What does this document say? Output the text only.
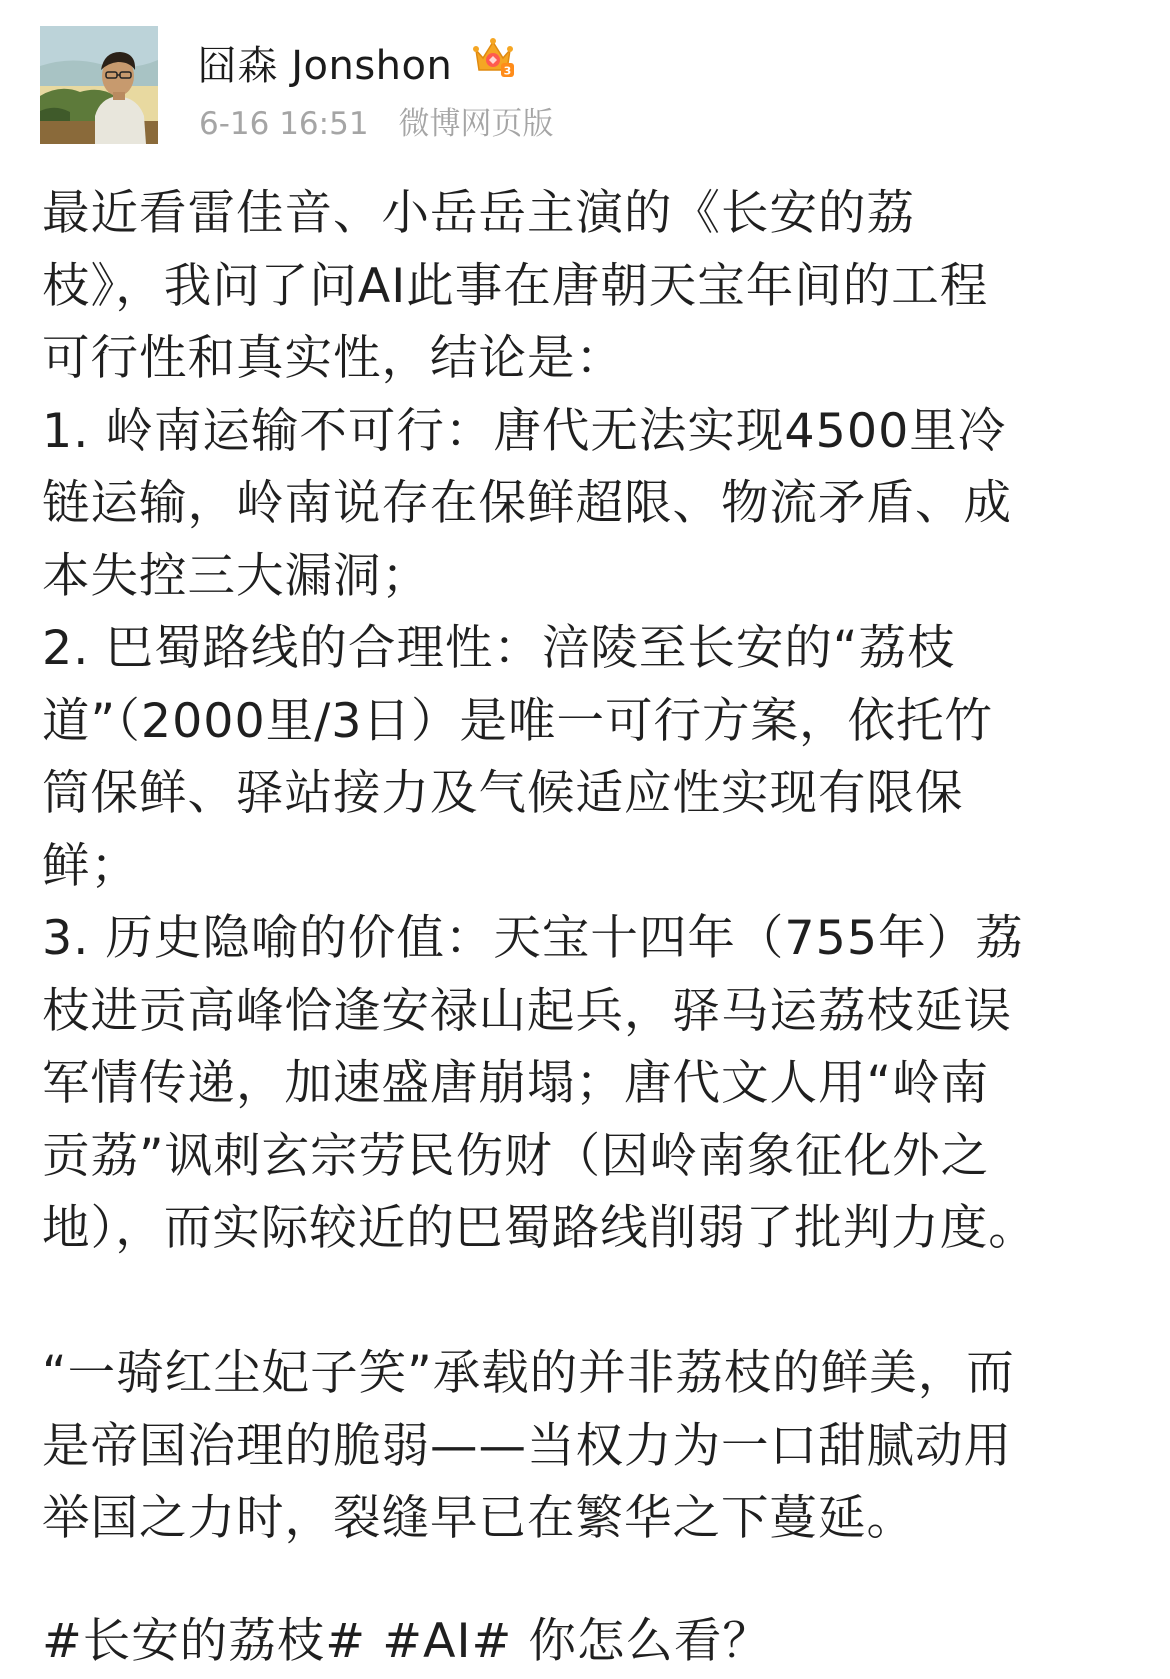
囧森 Jonshon	3
6-16 16:51 微博网页版

最近看雷佳音、小岳岳主演的《长安的荔

枝》，我问了问AI此事在唐朝天宝年间的工程

可行性和真实性，结论是：

1. 岭南运输不可行：唐代无法实现4500里冷

链运输，岭南说存在保鲜超限、物流矛盾、成

本失控三大漏洞；

2. 巴蜀路线的合理性：涪陵至长安的“荔枝

道”（2000里/3日）是唯一可行方案，依托竹

筒保鲜、驿站接力及气候适应性实现有限保

鲜；

3. 历史隐喻的价值：天宝十四年（755年）荔

枝进贡高峰恰逢安禄山起兵，驿马运荔枝延误

军情传递，加速盛唐崩塌；唐代文人用“岭南

贡荔”讽刺玄宗劳民伤财（因岭南象征化外之

地），而实际较近的巴蜀路线削弱了批判力度。

“一骑红尘妃子笑”承载的并非荔枝的鲜美，而

是帝国治理的脆弱——当权力为一口甜腻动用

举国之力时，裂缝早已在繁华之下蔓延。

#长安的荔枝# #AI# 你怎么看？
